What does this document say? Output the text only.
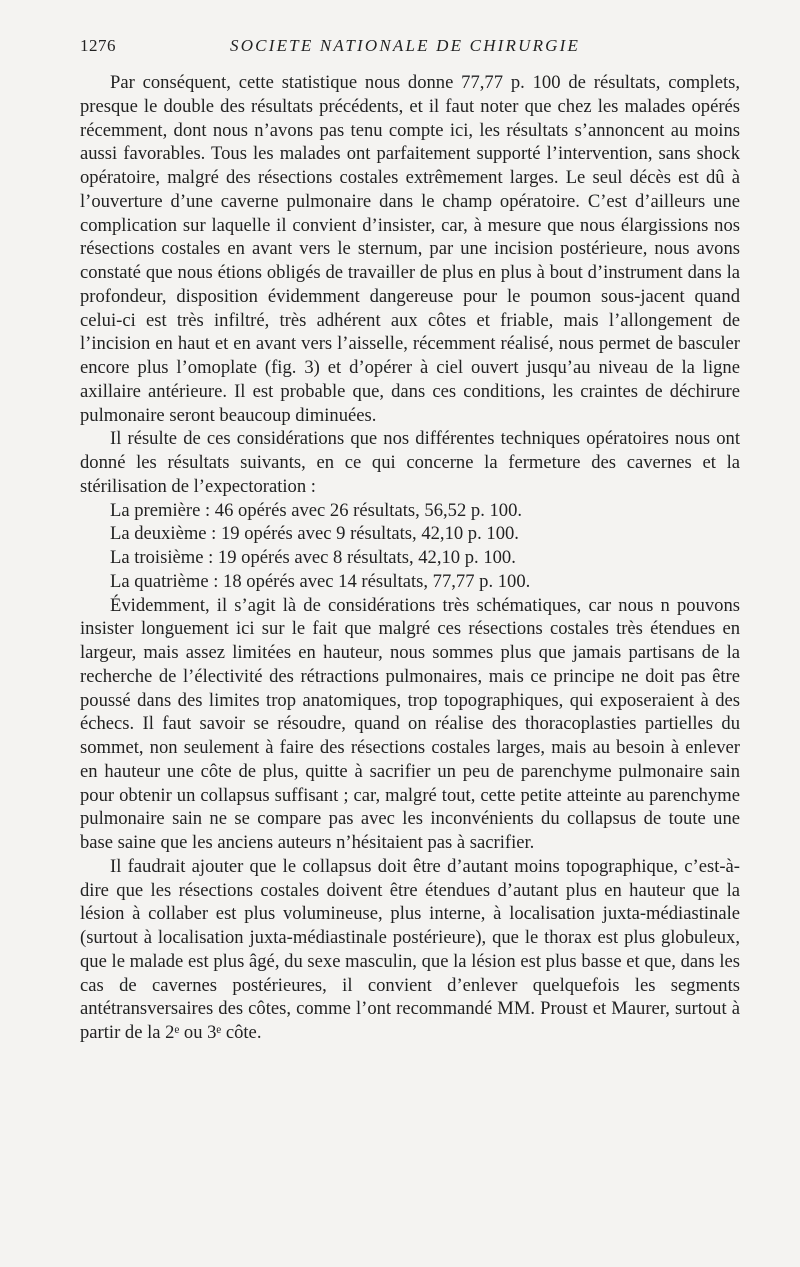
1276	SOCIETE NATIONALE DE CHIRURGIE

Par conséquent, cette statistique nous donne 77,77 p. 100 de résultats, complets, presque le double des résultats précédents, et il faut noter que chez les malades opérés récemment, dont nous n’avons pas tenu compte ici, les résultats s’annoncent au moins aussi favorables. Tous les malades ont parfaitement supporté l’intervention, sans shock opératoire, malgré des résections costales extrêmement larges. Le seul décès est dû à l’ouverture d’une caverne pulmonaire dans le champ opératoire. C’est d’ailleurs une complication sur laquelle il convient d’insister, car, à mesure que nous élargissions nos résections costales en avant vers le sternum, par une incision postérieure, nous avons constaté que nous étions obligés de travailler de plus en plus à bout d’instrument dans la profondeur, disposition évidemment dangereuse pour le poumon sous-jacent quand celui-ci est très infiltré, très adhérent aux côtes et friable, mais l’allongement de l’incision en haut et en avant vers l’aisselle, récemment réalisé, nous permet de basculer encore plus l’omoplate (fig. 3) et d’opérer à ciel ouvert jusqu’au niveau de la ligne axillaire antérieure. Il est probable que, dans ces conditions, les craintes de déchirure pulmonaire seront beaucoup diminuées.

Il résulte de ces considérations que nos différentes techniques opératoires nous ont donné les résultats suivants, en ce qui concerne la fermeture des cavernes et la stérilisation de l’expectoration :

La première : 46 opérés avec 26 résultats, 56,52 p. 100.

La deuxième : 19 opérés avec 9 résultats, 42,10 p. 100.

La troisième : 19 opérés avec 8 résultats, 42,10 p. 100.

La quatrième : 18 opérés avec 14 résultats, 77,77 p. 100.

Évidemment, il s’agit là de considérations très schématiques, car nous n pouvons insister longuement ici sur le fait que malgré ces résections costales très étendues en largeur, mais assez limitées en hauteur, nous sommes plus que jamais partisans de la recherche de l’électivité des rétractions pulmonaires, mais ce principe ne doit pas être poussé dans des limites trop anatomiques, trop topographiques, qui exposeraient à des échecs. Il faut savoir se résoudre, quand on réalise des thoracoplasties partielles du sommet, non seulement à faire des résections costales larges, mais au besoin à enlever en hauteur une côte de plus, quitte à sacrifier un peu de parenchyme pulmonaire sain pour obtenir un collapsus suffisant ; car, malgré tout, cette petite atteinte au parenchyme pulmonaire sain ne se compare pas avec les inconvénients du collapsus de toute une base saine que les anciens auteurs n’hésitaient pas à sacrifier.

Il faudrait ajouter que le collapsus doit être d’autant moins topographique, c’est-à-dire que les résections costales doivent être étendues d’autant plus en hauteur que la lésion à collaber est plus volumineuse, plus interne, à localisation juxta-médiastinale (surtout à localisation juxta-médiastinale postérieure), que le thorax est plus globuleux, que le malade est plus âgé, du sexe masculin, que la lésion est plus basse et que, dans les cas de cavernes postérieures, il convient d’enlever quelquefois les segments antétransversaires des côtes, comme l’ont recommandé MM. Proust et Maurer, surtout à partir de la 2ᵉ ou 3ᵉ côte.
